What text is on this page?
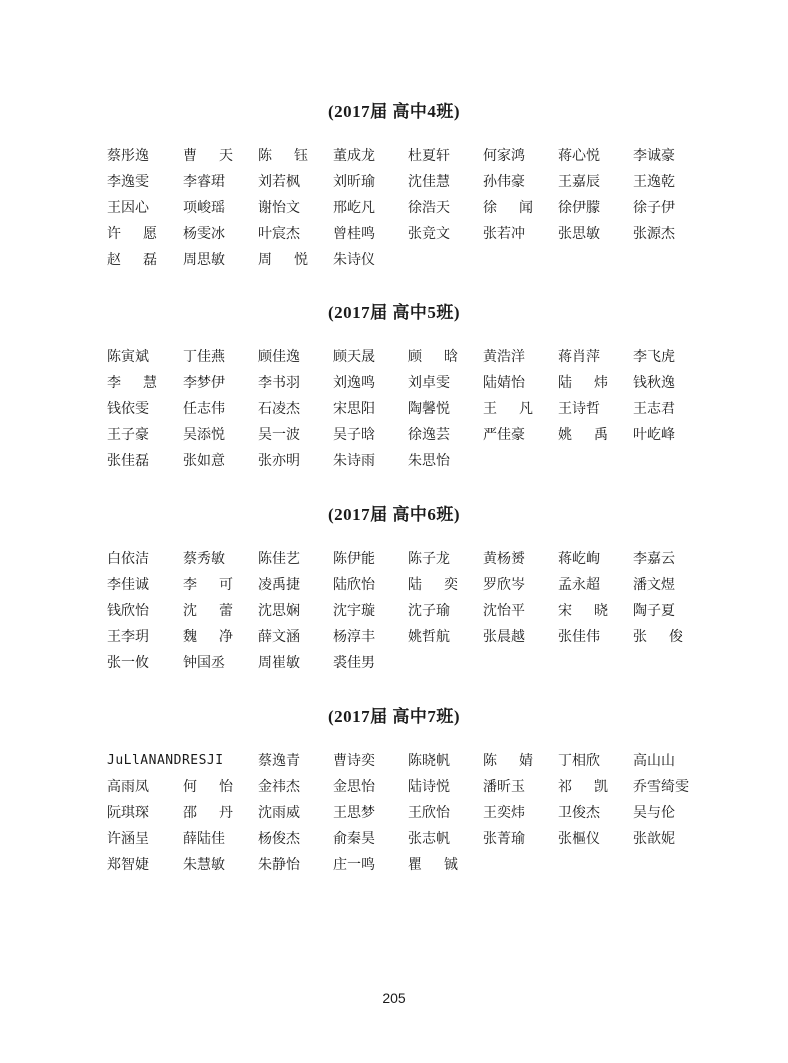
(2017届 高中4班)
蔡彤逸 曹 天 陈 钰 董成龙 杜夏轩 何家鸿 蒋心悦 李诚豪
李逸雯 李睿珺 刘若枫 刘昕瑜 沈佳慧 孙伟豪 王嘉辰 王逸乾
王因心 项峻瑶 谢怡文 邢屹凡 徐浩天 徐 闻 徐伊朦 徐子伊
许 愿 杨雯冰 叶宸杰 曾桂鸣 张竞文 张若冲 张思敏 张源杰
赵 磊 周思敏 周 悦 朱诗仪
(2017届 高中5班)
陈寅斌 丁佳燕 顾佳逸 顾天晟 顾 晗 黄浩洋 蒋肖萍 李飞虎
李 慧 李梦伊 李书羽 刘逸鸣 刘卓雯 陆婧怡 陆 炜 钱秋逸
钱依雯 任志伟 石凌杰 宋思阳 陶馨悦 王 凡 王诗哲 王志君
王子豪 吴添悦 吴一波 吴子晗 徐逸芸 严佳豪 姚 禹 叶屹峰
张佳磊 张如意 张亦明 朱诗雨 朱思怡
(2017届 高中6班)
白依洁 蔡秀敏 陈佳艺 陈伊能 陈子龙 黄杨赟 蒋屹峋 李嘉云
李佳诚 李 可 凌禹捷 陆欣怡 陆 奕 罗欣岑 孟永超 潘文煜
钱欣怡 沈 蕾 沈思娴 沈宇璇 沈子瑜 沈怡平 宋 晓 陶子夏
王李玥 魏 净 薛文涵 杨淳丰 姚哲航 张晨越 张佳伟 张 俊
张一攸 钟国丞 周崔敏 裘佳男
(2017届 高中7班)
JuLlANANDRESJI	蔡逸青 曹诗奕 陈晓帆 陈 婧 丁相欣 高山山
高雨凤 何 怡 金祎杰 金思怡 陆诗悦 潘昕玉 祁 凯 乔雪绮雯
阮琪琛 邵 丹 沈雨威 王思梦 王欣怡 王奕炜 卫俊杰 吴与伦
许涵呈 薛陆佳 杨俊杰 俞秦昊 张志帆 张菁瑜 张樞仪 张歆妮
郑智婕 朱慧敏 朱静怡 庄一鸣 瞿 铖
205
